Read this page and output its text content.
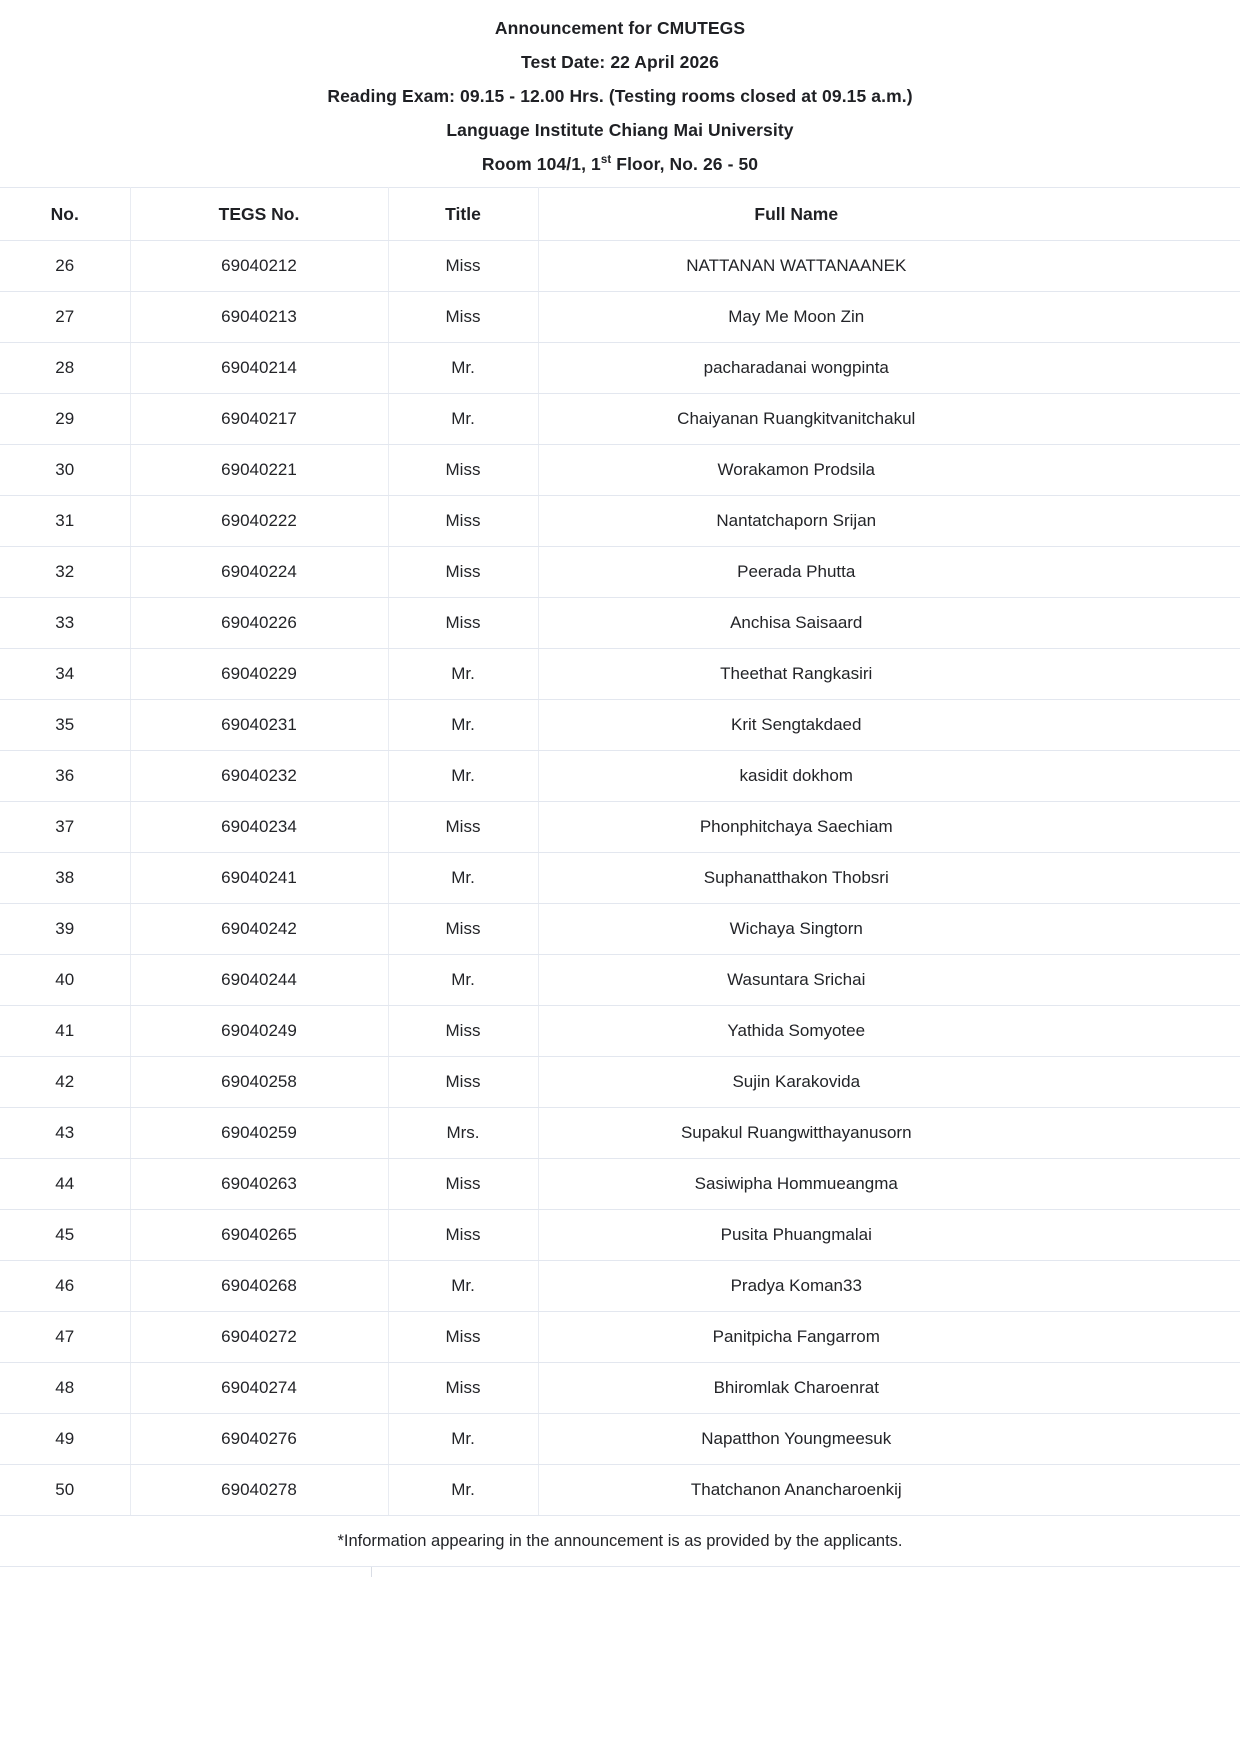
Announcement for CMUTEGS
Test Date: 22 April 2026
Reading Exam: 09.15 - 12.00 Hrs. (Testing rooms closed at 09.15 a.m.)
Language Institute Chiang Mai University
Room 104/1, 1st Floor, No. 26 - 50
No.	TEGS No.	Title	Full Name
26	69040212	Miss	NATTANAN WATTANAANEK
27	69040213	Miss	May Me Moon Zin
28	69040214	Mr.	pacharadanai wongpinta
29	69040217	Mr.	Chaiyanan Ruangkitvanitchakul
30	69040221	Miss	Worakamon Prodsila
31	69040222	Miss	Nantatchaporn Srijan
32	69040224	Miss	Peerada Phutta
33	69040226	Miss	Anchisa Saisaard
34	69040229	Mr.	Theethat Rangkasiri
35	69040231	Mr.	Krit Sengtakdaed
36	69040232	Mr.	kasidit dokhom
37	69040234	Miss	Phonphitchaya Saechiam
38	69040241	Mr.	Suphanatthakon Thobsri
39	69040242	Miss	Wichaya Singtorn
40	69040244	Mr.	Wasuntara Srichai
41	69040249	Miss	Yathida Somyotee
42	69040258	Miss	Sujin Karakovida
43	69040259	Mrs.	Supakul Ruangwitthayanusorn
44	69040263	Miss	Sasiwipha Hommueangma
45	69040265	Miss	Pusita Phuangmalai
46	69040268	Mr.	Pradya Koman33
47	69040272	Miss	Panitpicha Fangarrom
48	69040274	Miss	Bhiromlak Charoenrat
49	69040276	Mr.	Napatthon Youngmeesuk
50	69040278	Mr.	Thatchanon Anancharoenkij
*Information appearing in the announcement is as provided by the applicants.			
